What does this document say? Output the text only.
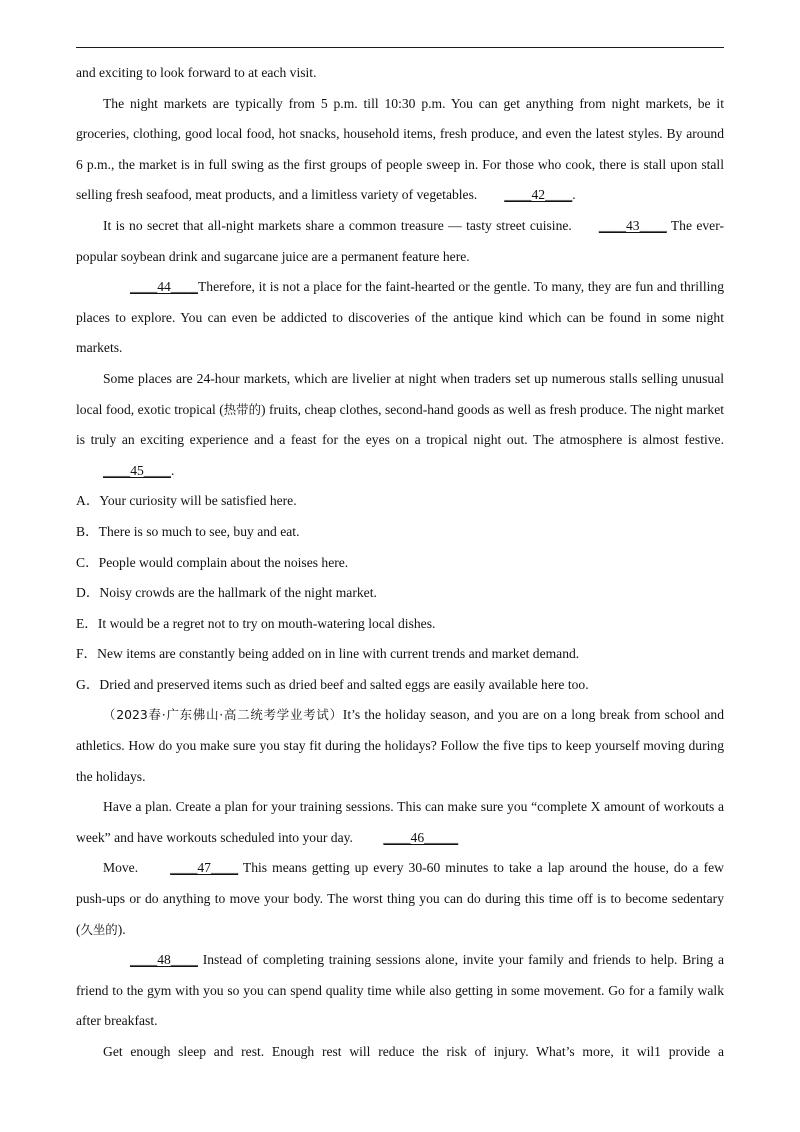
and exciting to look forward to at each visit.

The night markets are typically from 5 p.m. till 10:30 p.m. You can get anything from night markets, be it groceries, clothing, good local food, hot snacks, household items, fresh produce, and even the latest styles. By around 6 p.m., the market is in full swing as the first groups of people sweep in. For those who cook, there is stall upon stall selling fresh seafood, meat products, and a limitless variety of vegetables. ____42____.

It is no secret that all-night markets share a common treasure — tasty street cuisine. ____43____ The ever-popular soybean drink and sugarcane juice are a permanent feature here.

____44____Therefore, it is not a place for the faint-hearted or the gentle. To many, they are fun and thrilling places to explore. You can even be addicted to discoveries of the antique kind which can be found in some night markets.

Some places are 24-hour markets, which are livelier at night when traders set up numerous stalls selling unusual local food, exotic tropical (热带的) fruits, cheap clothes, second-hand goods as well as fresh produce. The night market is truly an exciting experience and a feast for the eyes on a tropical night out. The atmosphere is almost festive.____45____.

A．Your curiosity will be satisfied here.

B．There is so much to see, buy and eat.

C．People would complain about the noises here.

D．Noisy crowds are the hallmark of the night market.

E．It would be a regret not to try on mouth-watering local dishes.

F．New items are constantly being added on in line with current trends and market demand.

G．Dried and preserved items such as dried beef and salted eggs are easily available here too.

（2023春·广东佛山·高二统考学业考试）It’s the holiday season, and you are on a long break from school and athletics. How do you make sure you stay fit during the holidays? Follow the five tips to keep yourself moving during the holidays.

Have a plan. Create a plan for your training sessions. This can make sure you “complete X amount of workouts a week” and have workouts scheduled into your day. ____46_____

Move. ____47____ This means getting up every 30-60 minutes to take a lap around the house, do a few push-ups or do anything to move your body. The worst thing you can do during this time off is to become sedentary (久坐的).

____48____ Instead of completing training sessions alone, invite your family and friends to help. Bring a friend to the gym with you so you can spend quality time while also getting in some movement. Go for a family walk after breakfast.

Get enough sleep and rest. Enough rest will reduce the risk of injury. What’s more, it wil1 provide a
